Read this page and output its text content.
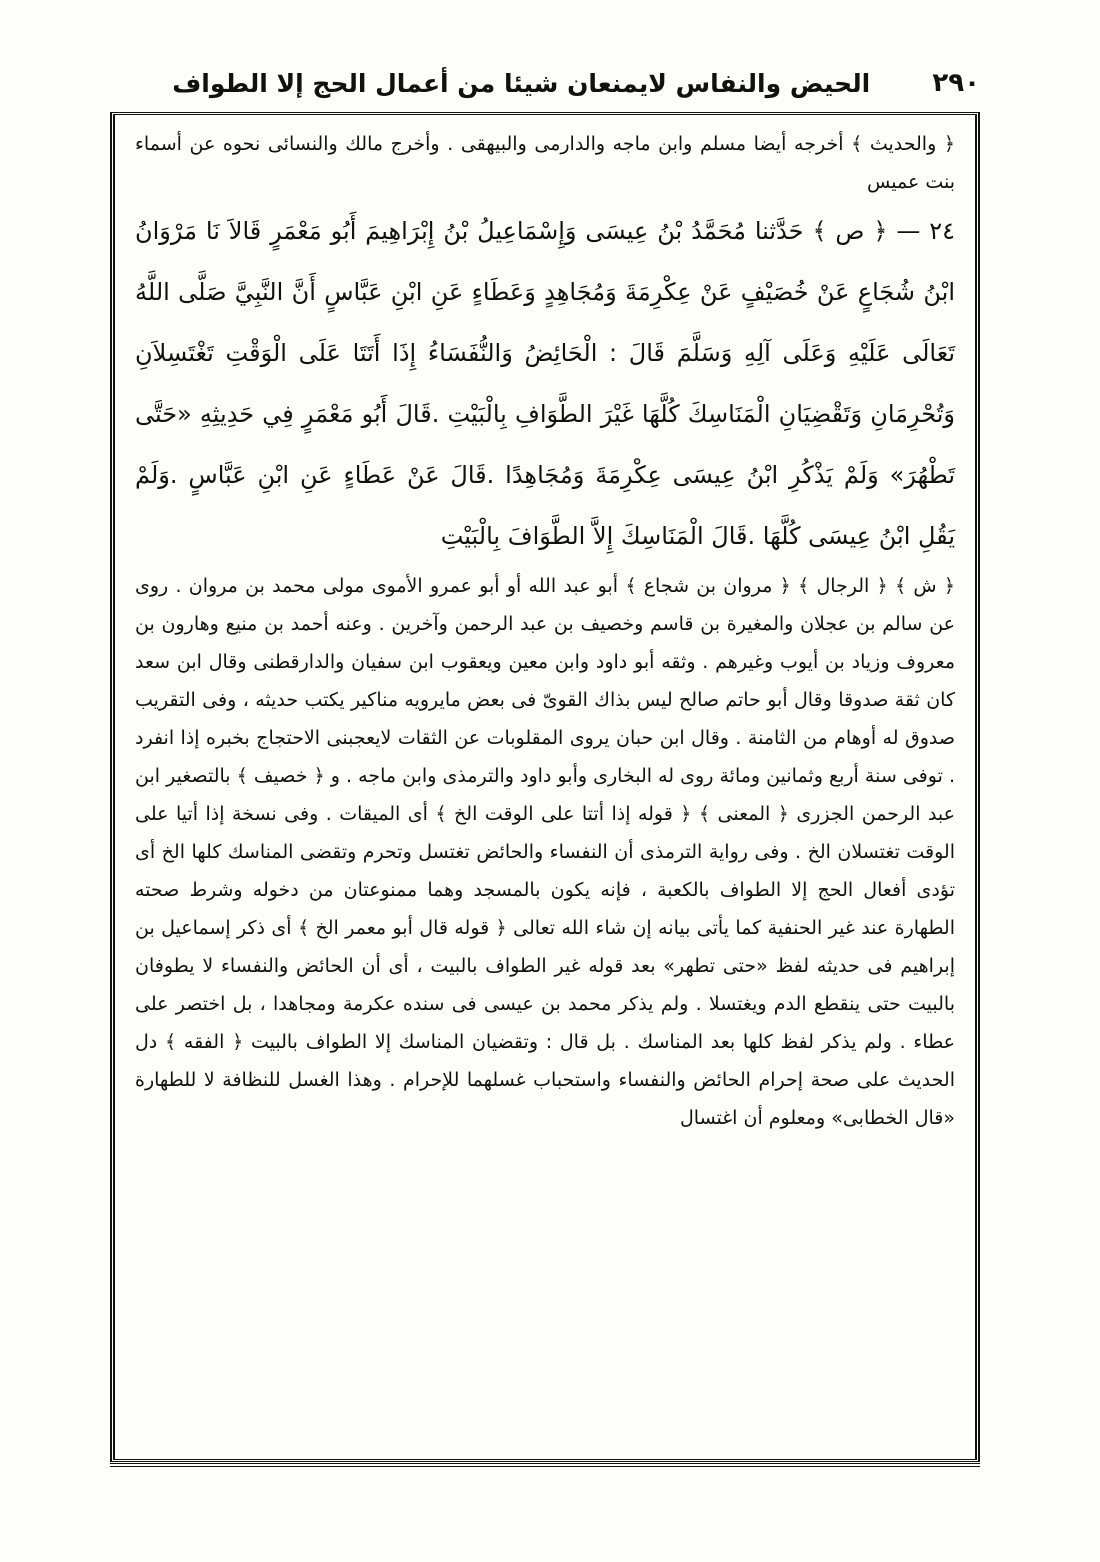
٢٩٠
الحيض والنفاس لايمنعان شيئا من أعمال الحج إلا الطواف

﴿ والحديث ﴾ أخرجه أيضا مسلم وابن ماجه والدارمى والبيهقى . وأخرج مالك والنسائى نحوه عن أسماء بنت عميس

٢٤ — ﴿ ص ﴾ حَدَّثنا مُحَمَّدُ بْنُ عِيسَى وَإِسْمَاعِيلُ بْنُ إِبْرَاهِيمَ أَبُو مَعْمَرٍ قَالاَ نَا مَرْوَانُ ابْنُ شُجَاعٍ عَنْ خُصَيْفٍ عَنْ عِكْرِمَةَ وَمُجَاهِدٍ وَعَطَاءٍ عَنِ ابْنِ عَبَّاسٍ أَنَّ النَّبِيَّ صَلَّى اللَّهُ تَعَالَى عَلَيْهِ وَعَلَى آلِهِ وَسَلَّمَ قَالَ : الْحَائِضُ وَالنُّفَسَاءُ إِذَا أَتَتَا عَلَى الْوَقْتِ تَغْتَسِلاَنِ وَتُحْرِمَانِ وَتَقْضِيَانِ الْمَنَاسِكَ كُلَّهَا غَيْرَ الطَّوَافِ بِالْبَيْتِ .قَالَ أَبُو مَعْمَرٍ فِي حَدِيثِهِ «حَتَّى تَطْهُرَ» وَلَمْ يَذْكُرِ ابْنُ عِيسَى عِكْرِمَةَ وَمُجَاهِدًا .قَالَ عَنْ عَطَاءٍ عَنِ ابْنِ عَبَّاسٍ .وَلَمْ يَقُلِ ابْنُ عِيسَى كُلَّهَا .قَالَ الْمَنَاسِكَ إِلاَّ الطَّوَافَ بِالْبَيْتِ

﴿ ش ﴾ ﴿ الرجال ﴾ ﴿ مروان بن شجاع ﴾ أبو عبد الله أو أبو عمرو الأموى مولى محمد بن مروان . روى عن سالم بن عجلان والمغيرة بن قاسم وخصيف بن عبد الرحمن وآخرين . وعنه أحمد بن منيع وهارون بن معروف وزياد بن أيوب وغيرهم . وثقه أبو داود وابن معين ويعقوب ابن سفيان والدارقطنى وقال ابن سعد كان ثقة صدوقا وقال أبو حاتم صالح ليس بذاك القوىّ فى بعض مايرويه مناكير يكتب حديثه ، وفى التقريب صدوق له أوهام من الثامنة . وقال ابن حبان يروى المقلوبات عن الثقات لايعجبنى الاحتجاج بخبره إذا انفرد . توفى سنة أربع وثمانين ومائة روى له البخارى وأبو داود والترمذى وابن ماجه . و ﴿ خصيف ﴾ بالتصغير ابن عبد الرحمن الجزرى ﴿ المعنى ﴾ ﴿ قوله إذا أتتا على الوقت الخ ﴾ أى الميقات . وفى نسخة إذا أتيا على الوقت تغتسلان الخ . وفى رواية الترمذى أن النفساء والحائض تغتسل وتحرم وتقضى المناسك كلها الخ أى تؤدى أفعال الحج إلا الطواف بالكعبة ، فإنه يكون بالمسجد وهما ممنوعتان من دخوله وشرط صحته الطهارة عند غير الحنفية كما يأتى بيانه إن شاء الله تعالى ﴿ قوله قال أبو معمر الخ ﴾ أى ذكر إسماعيل بن إبراهيم فى حديثه لفظ «حتى تطهر» بعد قوله غير الطواف بالبيت ، أى أن الحائض والنفساء لا يطوفان بالبيت حتى ينقطع الدم ويغتسلا . ولم يذكر محمد بن عيسى فى سنده عكرمة ومجاهدا ، بل اختصر على عطاء . ولم يذكر لفظ كلها بعد المناسك . بل قال : وتقضيان المناسك إلا الطواف بالبيت ﴿ الفقه ﴾ دل الحديث على صحة إحرام الحائض والنفساء واستحباب غسلهما للإحرام . وهذا الغسل للنظافة لا للطهارة «قال الخطابى» ومعلوم أن اغتسال
